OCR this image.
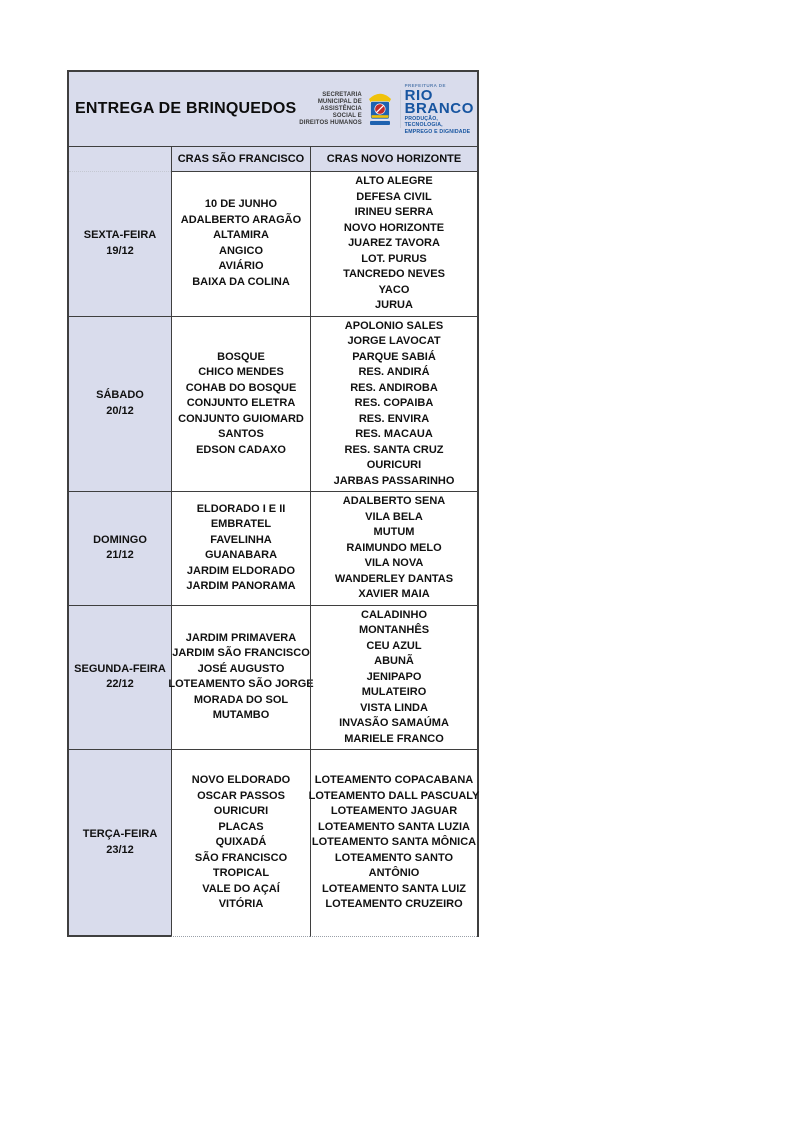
ENTREGA DE BRINQUEDOS
SECRETARIA MUNICIPAL DE
ASSISTÊNCIA SOCIAL E
DIREITOS HUMANOS
PREFEITURA DE
RIO
BRANCO
PRODUÇÃO, TECNOLOGIA,
EMPREGO E DIGNIDADE
CRAS SÃO FRANCISCO CRAS NOVO HORIZONTE
SEXTA-FEIRA
19/12
10 DE JUNHO
ADALBERTO ARAGÃO
ALTAMIRA
ANGICO
AVIÁRIO
BAIXA DA COLINA
ALTO ALEGRE
DEFESA CIVIL
IRINEU SERRA
NOVO HORIZONTE
JUAREZ TAVORA
LOT. PURUS
TANCREDO NEVES
YACO
JURUA
SÁBADO
20/12
BOSQUE
CHICO MENDES
COHAB DO BOSQUE
CONJUNTO ELETRA
CONJUNTO GUIOMARD
SANTOS
EDSON CADAXO
APOLONIO SALES
JORGE LAVOCAT
PARQUE SABIÁ
RES. ANDIRÁ
RES. ANDIROBA
RES. COPAIBA
RES. ENVIRA
RES. MACAUA
RES. SANTA CRUZ
OURICURI
JARBAS PASSARINHO
DOMINGO
21/12
ELDORADO I E II
EMBRATEL
FAVELINHA
GUANABARA
JARDIM ELDORADO
JARDIM PANORAMA
ADALBERTO SENA
VILA BELA
MUTUM
RAIMUNDO MELO
VILA NOVA
WANDERLEY DANTAS
XAVIER MAIA
SEGUNDA-FEIRA
22/12
JARDIM PRIMAVERA
JARDIM SÃO FRANCISCO
JOSÉ AUGUSTO
LOTEAMENTO SÃO JORGE
MORADA DO SOL
MUTAMBO
CALADINHO
MONTANHÊS
CEU AZUL
ABUNÃ
JENIPAPO
MULATEIRO
VISTA LINDA
INVASÃO SAMAÚMA
MARIELE FRANCO
TERÇA-FEIRA
23/12
NOVO ELDORADO
OSCAR PASSOS
OURICURI
PLACAS
QUIXADÁ
SÃO FRANCISCO
TROPICAL
VALE DO AÇAÍ
VITÓRIA
LOTEAMENTO COPACABANA
LOTEAMENTO DALL PASCUALY
LOTEAMENTO JAGUAR
LOTEAMENTO SANTA LUZIA
LOTEAMENTO SANTA MÔNICA
LOTEAMENTO SANTO
ANTÔNIO
LOTEAMENTO SANTA LUIZ
LOTEAMENTO CRUZEIRO
